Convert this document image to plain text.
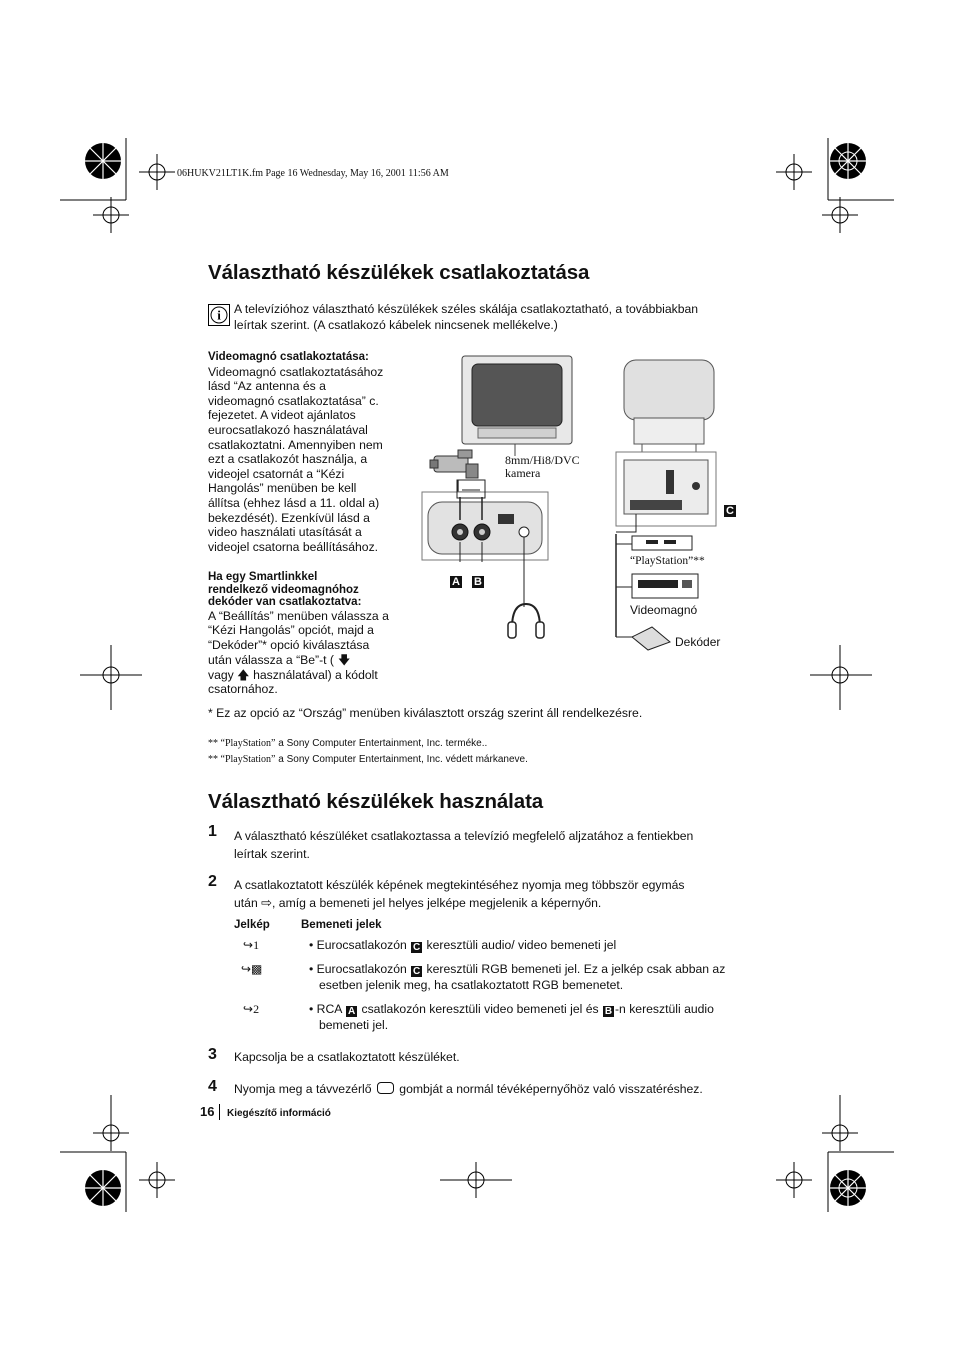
06HUKV21LT1K.fm Page 16 Wednesday, May 16, 2001 11:56 AM
Választható készülékek csatlakoztatása
i A televízióhoz választható készülékek széles skálája csatlakoztatható, a továbbiakban
leírtak szerint. (A csatlakozó kábelek nincsenek mellékelve.)
Videomagnó csatlakoztatása:
Videomagnó csatlakoztatásához
lásd “Az antenna és a
videomagnó csatlakoztatása” c.
fejezetet. A videot ajánlatos
eurocsatlakozó használatával
csatlakoztatni. Amennyiben nem
ezt a csatlakozót használja, a
videojel csatornát a “Kézi
Hangolás” menüben be kell
állítsa (ehhez lásd a 11. oldal a)
bekezdését). Ezenkívül lásd a
video használati utasítását a
videojel csatorna beállításához.
Ha egy Smartlinkkel
rendelkező videomagnóhoz
dekóder van csatlakoztatva:
A “Beállítás” menüben válassza a
“Kézi Hangolás” opciót, majd a
“Dekóder”* opció kiválasztása
után válassza a “Be”-t ( 🡇
vagy 🡅 használatával) a kódolt
csatornához.
* Ez az opció az “Ország” menüben kiválasztott ország szerint áll rendelkezésre.
** “PlayStation” a Sony Computer Entertainment, Inc. terméke..
** “PlayStation” a Sony Computer Entertainment, Inc. védett márkaneve.
8mm/Hi8/DVC
kamera
A B
C
“PlayStation”**
Videomagnó
Dekóder
Választható készülékek használata
1 A választható készüléket csatlakoztassa a televízió megfelelő aljzatához a fentiekben
leírtak szerint.
2 A csatlakoztatott készülék képének megtekintéséhez nyomja meg többször egymás
után ⇨, amíg a bemeneti jel helyes jelképe megjelenik a képernyőn.
Jelkép	Bemeneti jelek
↪1	• Eurocsatlakozón C keresztüli audio/ video bemeneti jel
↪▩	• Eurocsatlakozón C keresztüli RGB bemeneti jel. Ez a jelkép csak abban az
esetben jelenik meg, ha csatlakoztatott RGB bemenetet.
↪2	• RCA A csatlakozón keresztüli video bemeneti jel és B -n keresztüli audio
bemeneti jel.
3 Kapcsolja be a csatlakoztatott készüléket.
4 Nyomja meg a távvezérlő gombját a normál tévéképernyőhöz való visszatéréshez.
16 Kiegészítő információ
